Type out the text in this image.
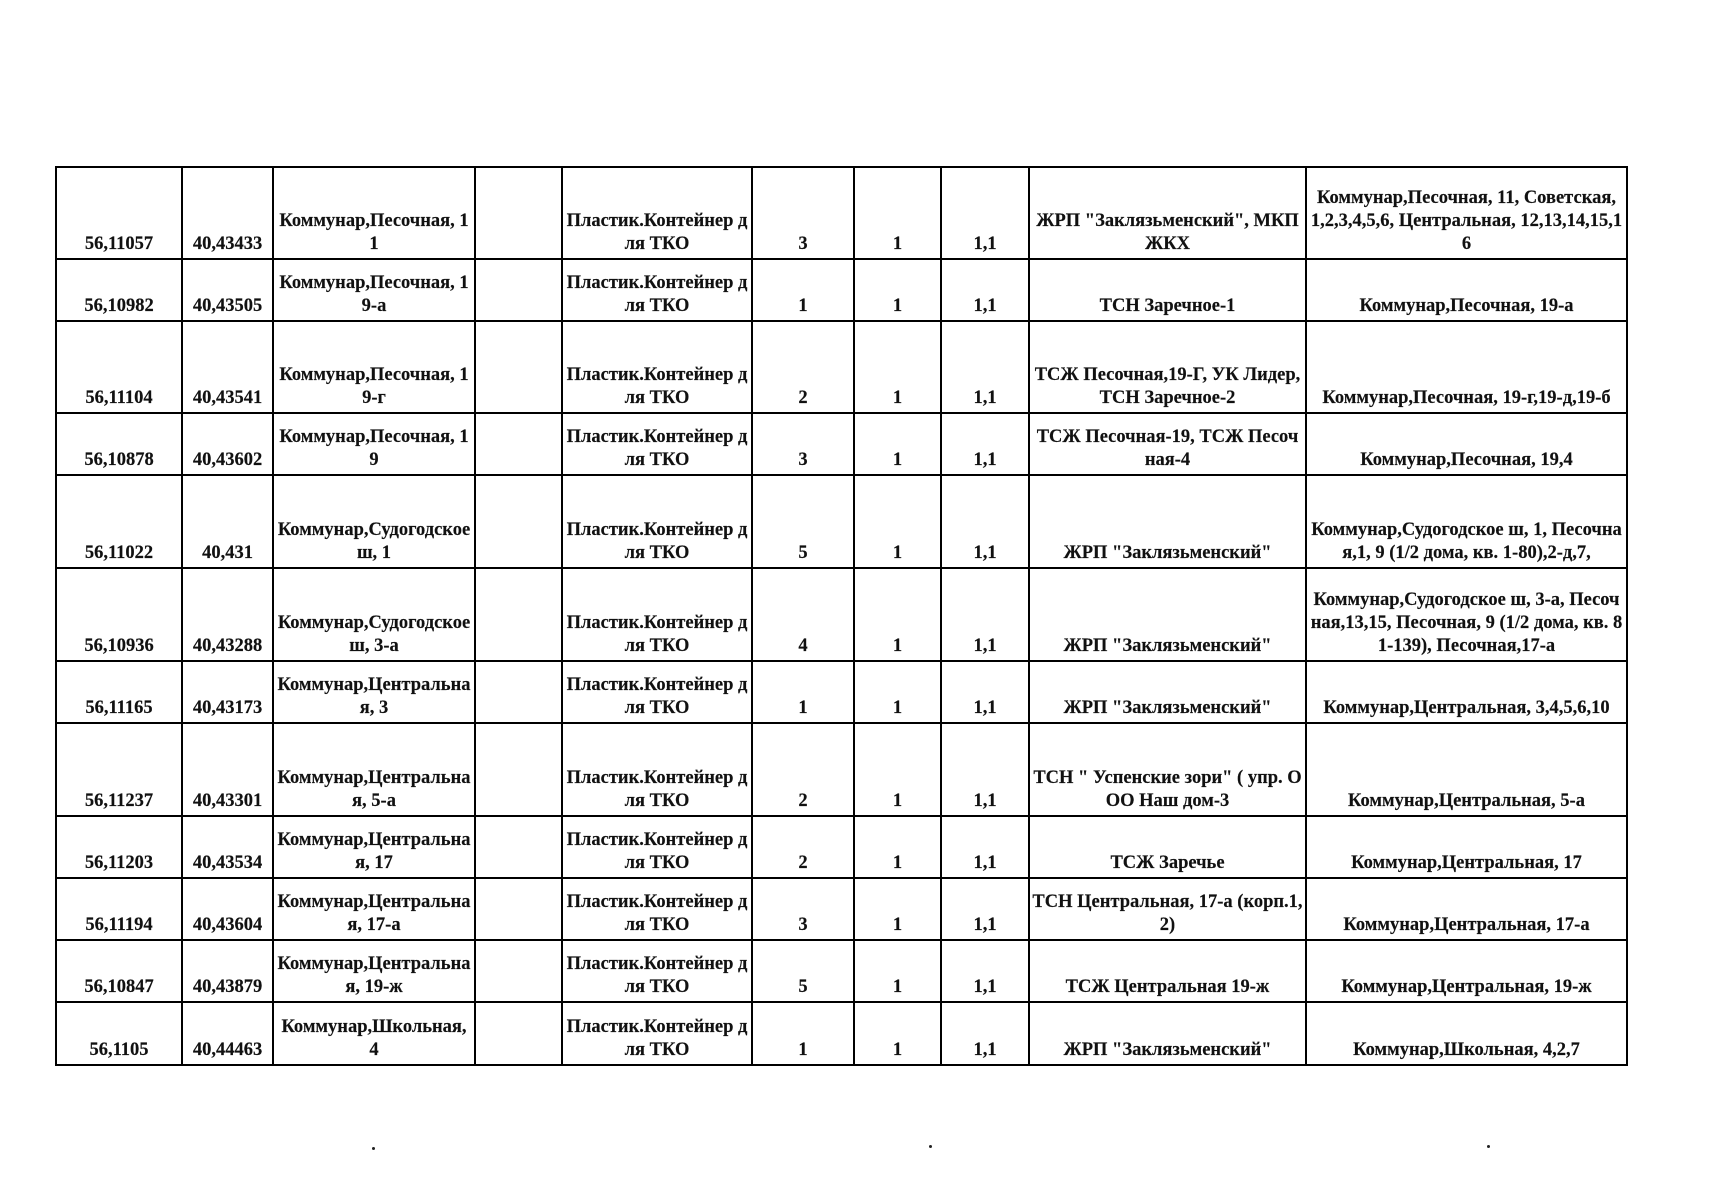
56,11057	40,43433	Коммунар,Песочная, 11		Пластик.Контейнер для ТКО	3	1	1,1	ЖРП "Заклязьменский", МКП ЖКХ	Коммунар,Песочная, 11, Советская, 1,2,3,4,5,6, Центральная, 12,13,14,15,16
56,10982	40,43505	Коммунар,Песочная, 19-а		Пластик.Контейнер для ТКО	1	1	1,1	ТСН Заречное-1	Коммунар,Песочная, 19-а
56,11104	40,43541	Коммунар,Песочная, 19-г		Пластик.Контейнер для ТКО	2	1	1,1	ТСЖ Песочная,19-Г, УК Лидер, ТСН Заречное-2	Коммунар,Песочная, 19-г,19-д,19-б
56,10878	40,43602	Коммунар,Песочная, 19		Пластик.Контейнер для ТКО	3	1	1,1	ТСЖ Песочная-19, ТСЖ Песочная-4	Коммунар,Песочная, 19,4
56,11022	40,431	Коммунар,Судогодское ш, 1		Пластик.Контейнер для ТКО	5	1	1,1	ЖРП "Заклязьменский"	Коммунар,Судогодское ш, 1, Песочная,1, 9 (1/2 дома, кв. 1-80),2-д,7,
56,10936	40,43288	Коммунар,Судогодское ш, 3-а		Пластик.Контейнер для ТКО	4	1	1,1	ЖРП "Заклязьменский"	Коммунар,Судогодское ш, 3-а, Песочная,13,15, Песочная, 9 (1/2 дома, кв. 81-139), Песочная,17-а
56,11165	40,43173	Коммунар,Центральная, 3		Пластик.Контейнер для ТКО	1	1	1,1	ЖРП "Заклязьменский"	Коммунар,Центральная, 3,4,5,6,10
56,11237	40,43301	Коммунар,Центральная, 5-а		Пластик.Контейнер для ТКО	2	1	1,1	ТСН " Успенские зори" ( упр. ООО Наш дом-3	Коммунар,Центральная, 5-а
56,11203	40,43534	Коммунар,Центральная, 17		Пластик.Контейнер для ТКО	2	1	1,1	ТСЖ Заречье	Коммунар,Центральная, 17
56,11194	40,43604	Коммунар,Центральная, 17-а		Пластик.Контейнер для ТКО	3	1	1,1	ТСН Центральная, 17-а (корп.1, 2)	Коммунар,Центральная, 17-а
56,10847	40,43879	Коммунар,Центральная, 19-ж		Пластик.Контейнер для ТКО	5	1	1,1	ТСЖ Центральная 19-ж	Коммунар,Центральная, 19-ж
56,1105	40,44463	Коммунар,Школьная, 4		Пластик.Контейнер для ТКО	1	1	1,1	ЖРП "Заклязьменский"	Коммунар,Школьная, 4,2,7
